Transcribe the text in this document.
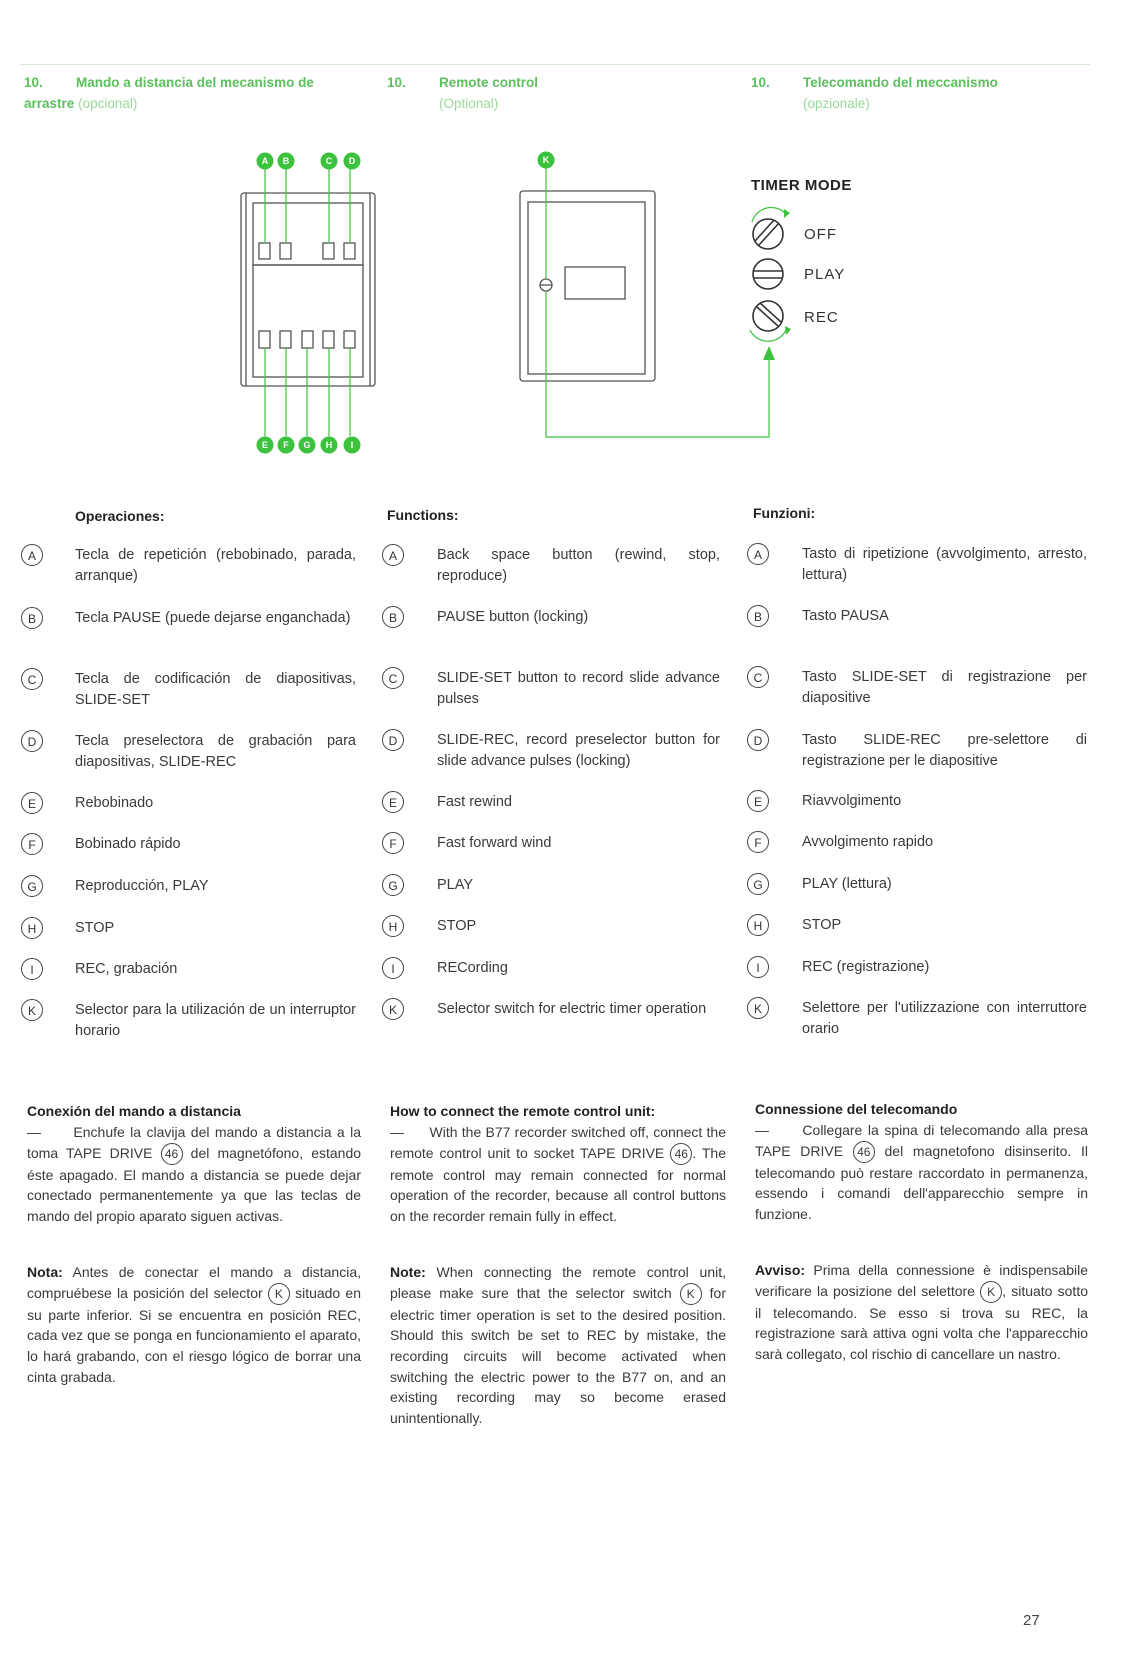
10. Mando a distancia del mecanismo de arrastre (opcional)
10. Remote control
(Optional)
10. Telecomando del meccanismo
(opzionale)
A B	C D
E F G H I
K
TIMER MODE
OFF
PLAY
REC
Operaciones:	Functions:	Funzioni:
A	Tecla de repetición (rebobinado, parada, arranque)
B	Tecla PAUSE (puede dejarse enganchada)
C	Tecla de codificación de diapositivas, SLIDE-SET
D	Tecla preselectora de grabación para diapositivas, SLIDE-REC
E	Rebobinado
F	Bobinado rápido
G	Reproducción, PLAY
H	STOP
I	REC, grabación
K	Selector para la utilización de un interruptor horario
A	Back space button (rewind, stop, reproduce)
B	PAUSE button (locking)
C	SLIDE-SET button to record slide advance pulses
D	SLIDE-REC, record preselector button for slide advance pulses (locking)
E	Fast rewind
F	Fast forward wind
G	PLAY
H	STOP
I	RECording
K	Selector switch for electric timer operation
A	Tasto di ripetizione (avvolgimento, arresto, lettura)
B	Tasto PAUSA
C	Tasto SLIDE-SET di registrazione per diapositive
D	Tasto SLIDE-REC pre-selettore di registrazione per le diapositive
E	Riavvolgimento
F	Avvolgimento rapido
G	PLAY (lettura)
H	STOP
I	REC (registrazione)
K	Selettore per l'utilizzazione con interruttore orario
Conexión del mando a distancia
— Enchufe la clavija del mando a distancia a la toma TAPE DRIVE 46 del magnetófono, estando éste apagado. El mando a distancia se puede dejar conectado permanentemente ya que las teclas de mando del propio aparato siguen activas.
Nota: Antes de conectar el mando a distancia, compruébese la posición del selector K situado en su parte inferior. Si se encuentra en posición REC, cada vez que se ponga en funcionamiento el aparato, lo hará grabando, con el riesgo lógico de borrar una cinta grabada.
How to connect the remote control unit:
— With the B77 recorder switched off, connect the remote control unit to socket TAPE DRIVE 46 . The remote control may remain connected for normal operation of the recorder, because all control buttons on the recorder remain fully in effect.
Note: When connecting the remote control unit, please make sure that the selector switch K for electric timer operation is set to the desired position. Should this switch be set to REC by mistake, the recording circuits will become activated when switching the electric power to the B77 on, and an existing recording may so become erased unintentionally.
Connessione del telecomando
— Collegare la spina di telecomando alla presa TAPE DRIVE 46 del magnetofono disinserito. Il telecomando può restare raccordato in permanenza, essendo i comandi dell'apparecchio sempre in funzione.
Avviso: Prima della connessione è indispensabile verificare la posizione del selettore K , situato sotto il telecomando. Se esso si trova su REC, la registrazione sarà attiva ogni volta che l'apparecchio sarà collegato, col rischio di cancellare un nastro.
27
